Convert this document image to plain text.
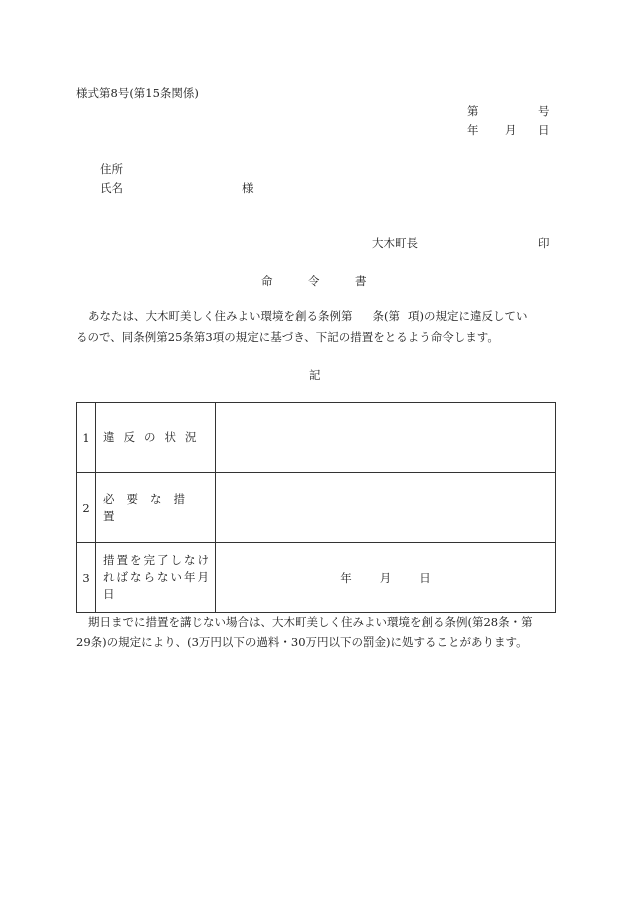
様式第8号(第15条関係)
第	号
年 月 日
住所
氏名	様
大木町長	印
命	令	書
あなたは、大木町美しく住みよい環境を創る条例第 条(第 項)の規定に違反してい
るので、同条例第25条第3項の規定に基づき、下記の措置をとるよう命令します。
記
1	違反の状況	
2	必要な措置	
3	措置を完了しなければならない年月日	年 月 日
期日までに措置を講じない場合は、大木町美しく住みよい環境を創る条例(第28条・第
29条)の規定により、(3万円以下の過料・30万円以下の罰金)に処することがあります。
